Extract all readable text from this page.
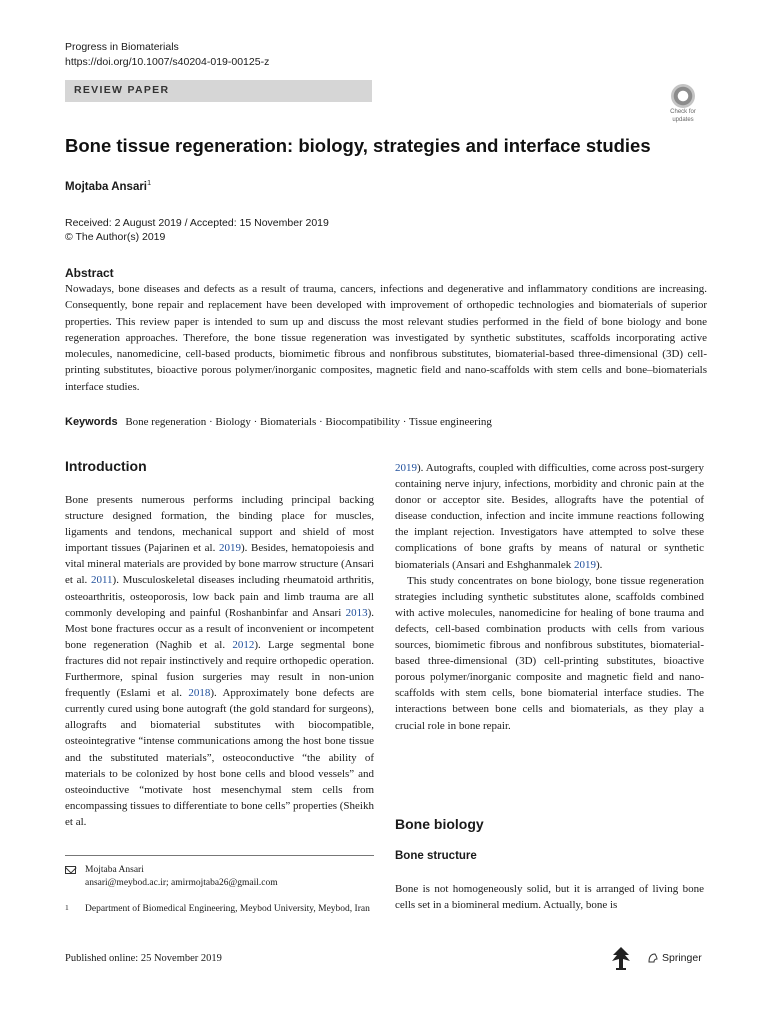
Progress in Biomaterials
https://doi.org/10.1007/s40204-019-00125-z
REVIEW PAPER
Check for
updates
Bone tissue regeneration: biology, strategies and interface studies
Mojtaba Ansari$^1$
Received: 2 August 2019 / Accepted: 15 November 2019
© The Author(s) 2019
Abstract

Nowadays, bone diseases and defects as a result of trauma, cancers, infections and degenerative and inflammatory conditions are increasing. Consequently, bone repair and replacement have been developed with improvement of orthopedic technologies and biomaterials of superior properties. This review paper is intended to sum up and discuss the most relevant studies performed in the field of bone biology and bone regeneration approaches. Therefore, the bone tissue regeneration was investigated by synthetic substitutes, scaffolds incorporating active molecules, nanomedicine, cell-based products, biomimetic fibrous and nonfibrous substitutes, biomaterial-based three-dimensional (3D) cell-printing substitutes, bioactive porous polymer/inorganic composites, magnetic field and nano-scaffolds with stem cells and bone–biomaterials interface studies.

Keywords Bone regeneration · Biology · Biomaterials · Biocompatibility · Tissue engineering
Introduction

Bone presents numerous performs including principal backing structure designed formation, the binding place for muscles, ligaments and tendons, mechanical support and shield of most important tissues (Pajarinen et al. 2019). Besides, hematopoiesis and vital mineral materials are provided by bone marrow structure (Ansari et al. 2011). Musculoskeletal diseases including rheumatoid arthritis, osteoarthritis, osteoporosis, low back pain and limb trauma are all commonly developing and painful (Roshanbinfar and Ansari 2013). Most bone fractures occur as a result of inconvenient or incompetent bone regeneration (Naghib et al. 2012). Large segmental bone fractures did not repair instinctively and require orthopedic operation. Furthermore, spinal fusion surgeries may result in non-union frequently (Eslami et al. 2018). Approximately bone defects are currently cured using bone autograft (the gold standard for surgeons), allografts and biomaterial substitutes with biocompatible, osteointegrative “intense communications among the host bone tissue and the substituted materials”, osteoconductive “the ability of materials to be colonized by host bone cells and blood vessels” and osteoinductive “motivate host mesenchymal stem cells from encompassing tissues to differentiate to bone cells” properties (Sheikh et al.

2019). Autografts, coupled with difficulties, come across post-surgery containing nerve injury, infections, morbidity and chronic pain at the donor or acceptor site. Besides, allografts have the potential of disease conduction, infection and incite immune reactions following the implant rejection. Investigators have attempted to solve these complications of bone grafts by means of natural or synthetic biomaterials (Ansari and Eshghanmalek 2019).

This study concentrates on bone biology, bone tissue regeneration strategies including synthetic substitutes alone, scaffolds combined with active molecules, nanomedicine for healing of bone trauma and defects, cell-based combination products with cells from various sources, biomimetic fibrous and nonfibrous substitutes, biomaterial-based three-dimensional (3D) cell-printing substitutes, bioactive porous polymer/inorganic composite and magnetic field and nano-scaffolds with stem cells, bone biomaterial interface studies. The interactions between bone cells and biomaterials, as they play a crucial role in bone repair.

Bone biology
Bone structure

Bone is not homogeneously solid, but it is arranged of living bone cells set in a biomineral medium. Actually, bone is

Mojtaba Ansari
ansari@meybod.ac.ir; amirmojtaba26@gmail.com
1 Department of Biomedical Engineering, Meybod University, Meybod, Iran
Published online: 25 November 2019	Springer
